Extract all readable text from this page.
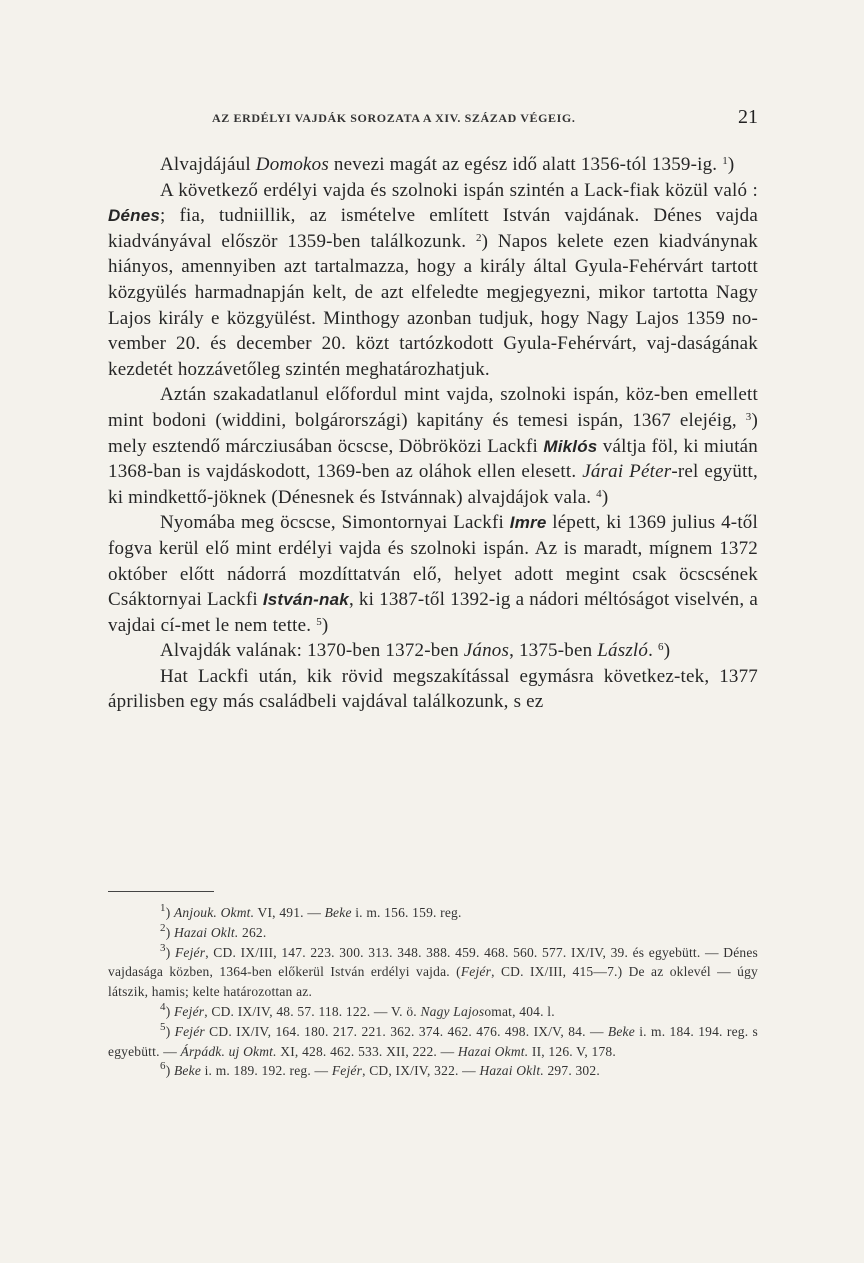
AZ ERDÉLYI VAJDÁK SOROZATA A XIV. SZÁZAD VÉGEIG.	21

Alvajdájául Domokos nevezi magát az egész idő alatt 1356-tól 1359-ig. $^1$)

A következő erdélyi vajda és szolnoki ispán szintén a Lack-fiak közül való : Dénes; fia, tudniillik, az ismételve említett István vajdának. Dénes vajda kiadványával először 1359-ben találkozunk. $^2$) Napos kelete ezen kiadványnak hiányos, amennyiben azt tartalmazza, hogy a király által Gyula-Fehérvárt tartott közgyülés harmadnapján kelt, de azt elfeledte megjegyezni, mikor tartotta Nagy Lajos király e közgyülést. Minthogy azonban tudjuk, hogy Nagy Lajos 1359 no-vember 20. és december 20. közt tartózkodott Gyula-Fehérvárt, vaj-daságának kezdetét hozzávetőleg szintén meghatározhatjuk.

Aztán szakadatlanul előfordul mint vajda, szolnoki ispán, köz-ben emellett mint bodoni (widdini, bolgárországi) kapitány és temesi ispán, 1367 elejéig, $^3$) mely esztendő márcziusában öcscse, Döbröközi Lackfi Miklós váltja föl, ki miután 1368-ban is vajdáskodott, 1369-ben az oláhok ellen elesett. Járai Péter-rel együtt, ki mindkettő-jöknek (Dénesnek és Istvánnak) alvajdájok vala. $^4$)

Nyomába meg öcscse, Simontornyai Lackfi Imre lépett, ki 1369 julius 4-től fogva kerül elő mint erdélyi vajda és szolnoki ispán. Az is maradt, mígnem 1372 október előtt nádorrá mozdíttatván elő, helyet adott megint csak öcscsének Csáktornyai Lackfi István-nak, ki 1387-től 1392-ig a nádori méltóságot viselvén, a vajdai cí-met le nem tette. $^5$)

Alvajdák valának: 1370-ben 1372-ben János, 1375-ben László. $^6$)

Hat Lackfi után, kik rövid megszakítással egymásra következ-tek, 1377 áprilisben egy más családbeli vajdával találkozunk, s ez

$^1$) Anjouk. Okmt. VI, 491. — Beke i. m. 156. 159. reg.

$^2$) Hazai Oklt. 262.

$^3$) Fejér, CD. IX/III, 147. 223. 300. 313. 348. 388. 459. 468. 560. 577. IX/IV, 39. és egyebütt. — Dénes vajdasága közben, 1364-ben előkerül István erdélyi vajda. (Fejér, CD. IX/III, 415—7.) De az oklevél — úgy látszik, hamis; kelte határozottan az.

$^4$) Fejér, CD. IX/IV, 48. 57. 118. 122. — V. ö. Nagy Lajosomat, 404. l.

$^5$) Fejér CD. IX/IV, 164. 180. 217. 221. 362. 374. 462. 476. 498. IX/V, 84. — Beke i. m. 184. 194. reg. s egyebütt. — Árpádk. uj Okmt. XI, 428. 462. 533. XII, 222. — Hazai Okmt. II, 126. V, 178.

$^6$) Beke i. m. 189. 192. reg. — Fejér, CD, IX/IV, 322. — Hazai Oklt. 297. 302.
